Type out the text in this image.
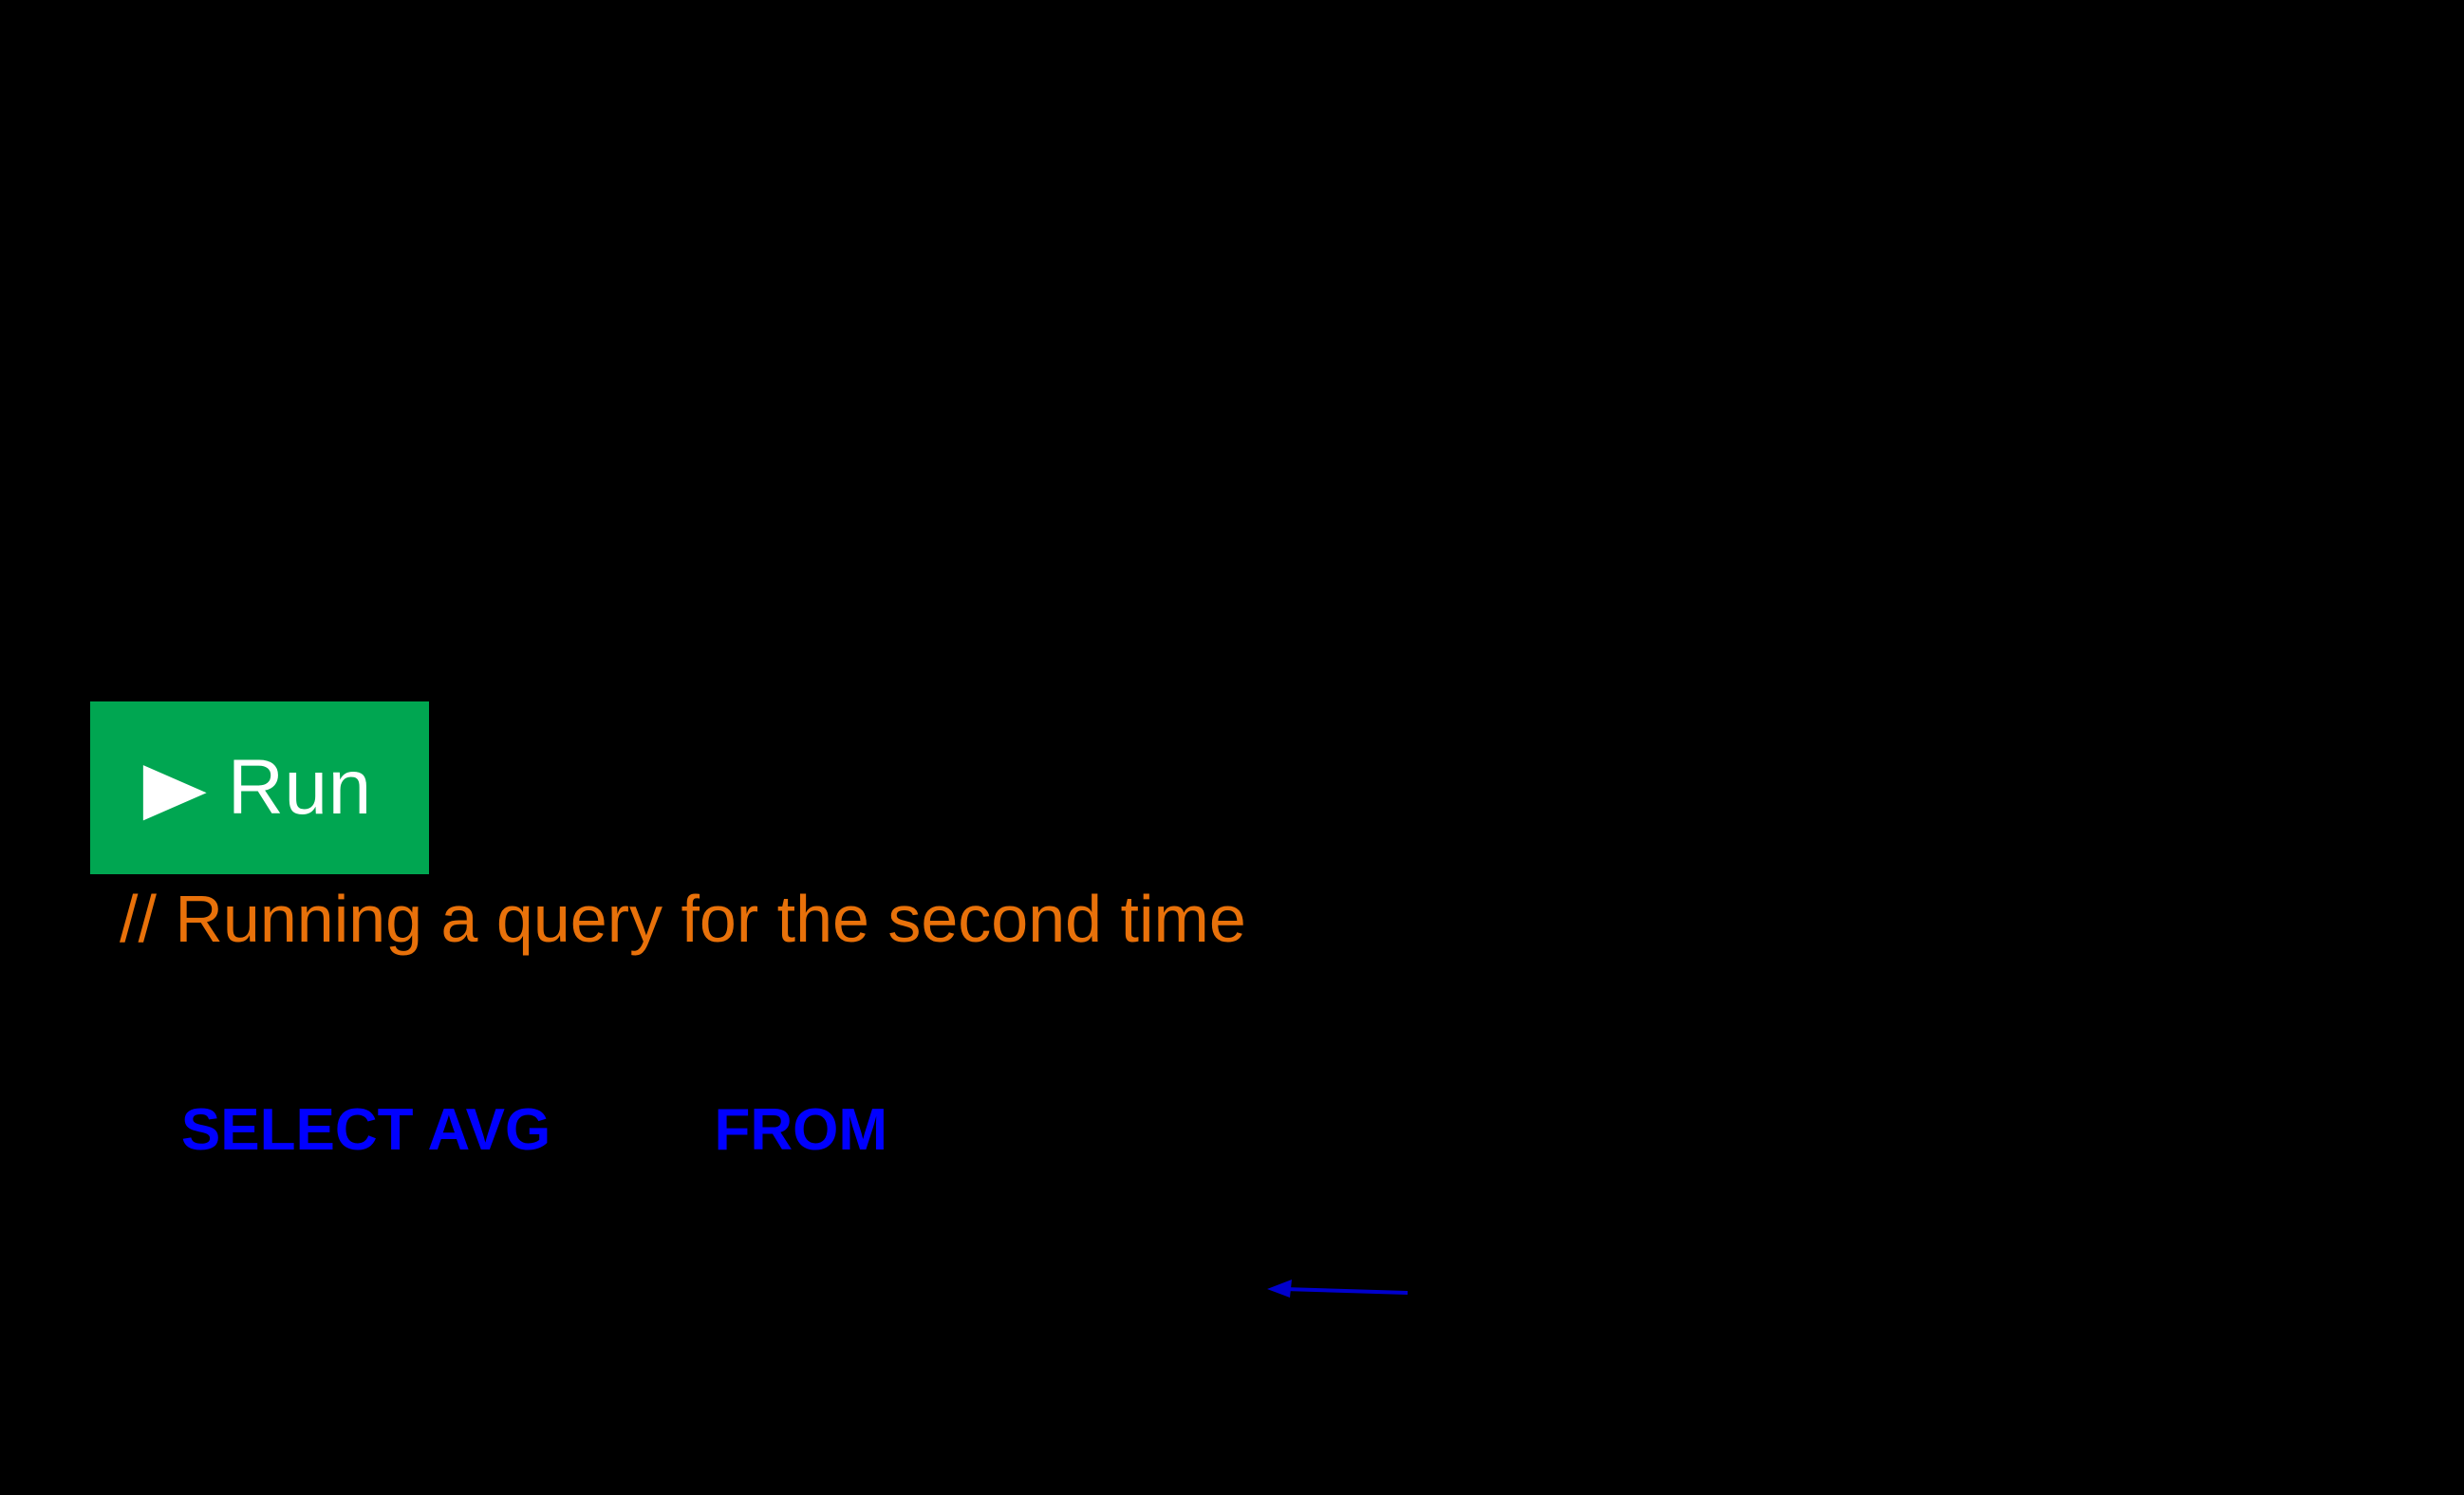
▶ Run
// Running a query for the second time

SELECT AVG	FROM
